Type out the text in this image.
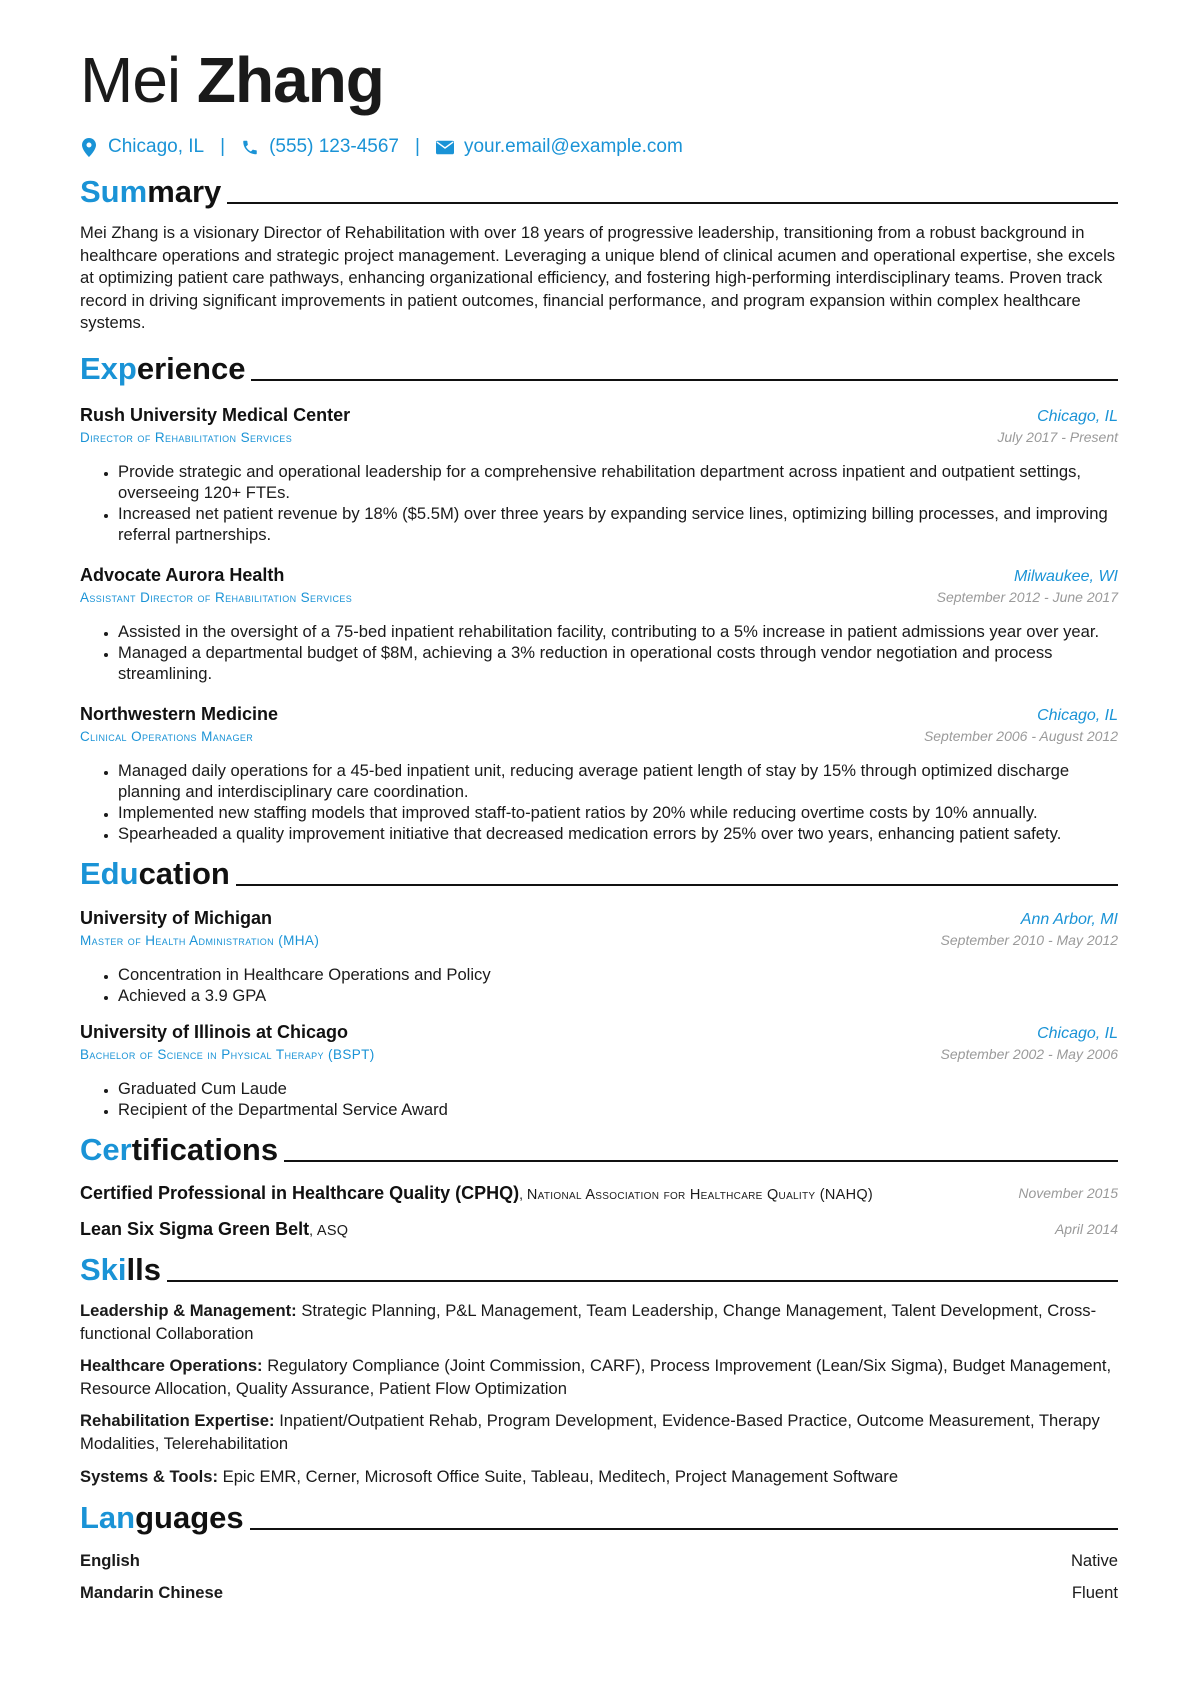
Mei Zhang
Chicago, IL | (555) 123-4567 | your.email@example.com
Summary

Mei Zhang is a visionary Director of Rehabilitation with over 18 years of progressive leadership, transitioning from a robust background in healthcare operations and strategic project management. Leveraging a unique blend of clinical acumen and operational expertise, she excels at optimizing patient care pathways, enhancing organizational efficiency, and fostering high-performing interdisciplinary teams. Proven track record in driving significant improvements in patient outcomes, financial performance, and program expansion within complex healthcare systems.

Experience
Rush University Medical Center	Chicago, IL
Director of Rehabilitation Services	July 2017 - Present
• Provide strategic and operational leadership for a comprehensive rehabilitation department across inpatient and outpatient settings, overseeing 120+ FTEs.
• Increased net patient revenue by 18% ($5.5M) over three years by expanding service lines, optimizing billing processes, and improving referral partnerships.
Advocate Aurora Health	Milwaukee, WI
Assistant Director of Rehabilitation Services	September 2012 - June 2017
• Assisted in the oversight of a 75-bed inpatient rehabilitation facility, contributing to a 5% increase in patient admissions year over year.
• Managed a departmental budget of $8M, achieving a 3% reduction in operational costs through vendor negotiation and process streamlining.
Northwestern Medicine	Chicago, IL
Clinical Operations Manager	September 2006 - August 2012
• Managed daily operations for a 45-bed inpatient unit, reducing average patient length of stay by 15% through optimized discharge planning and interdisciplinary care coordination.
• Implemented new staffing models that improved staff-to-patient ratios by 20% while reducing overtime costs by 10% annually.
• Spearheaded a quality improvement initiative that decreased medication errors by 25% over two years, enhancing patient safety.
Education
University of Michigan	Ann Arbor, MI
Master of Health Administration (MHA)	September 2010 - May 2012
• Concentration in Healthcare Operations and Policy
• Achieved a 3.9 GPA
University of Illinois at Chicago	Chicago, IL
Bachelor of Science in Physical Therapy (BSPT)	September 2002 - May 2006
• Graduated Cum Laude
• Recipient of the Departmental Service Award
Certifications
Certified Professional in Healthcare Quality (CPHQ), National Association for Healthcare Quality (NAHQ)	November 2015
Lean Six Sigma Green Belt, ASQ	April 2014
Skills
Leadership & Management: Strategic Planning, P&L Management, Team Leadership, Change Management, Talent Development, Cross-functional Collaboration
Healthcare Operations: Regulatory Compliance (Joint Commission, CARF), Process Improvement (Lean/Six Sigma), Budget Management, Resource Allocation, Quality Assurance, Patient Flow Optimization
Rehabilitation Expertise: Inpatient/Outpatient Rehab, Program Development, Evidence-Based Practice, Outcome Measurement, Therapy Modalities, Telerehabilitation
Systems & Tools: Epic EMR, Cerner, Microsoft Office Suite, Tableau, Meditech, Project Management Software
Languages
English	Native
Mandarin Chinese	Fluent
